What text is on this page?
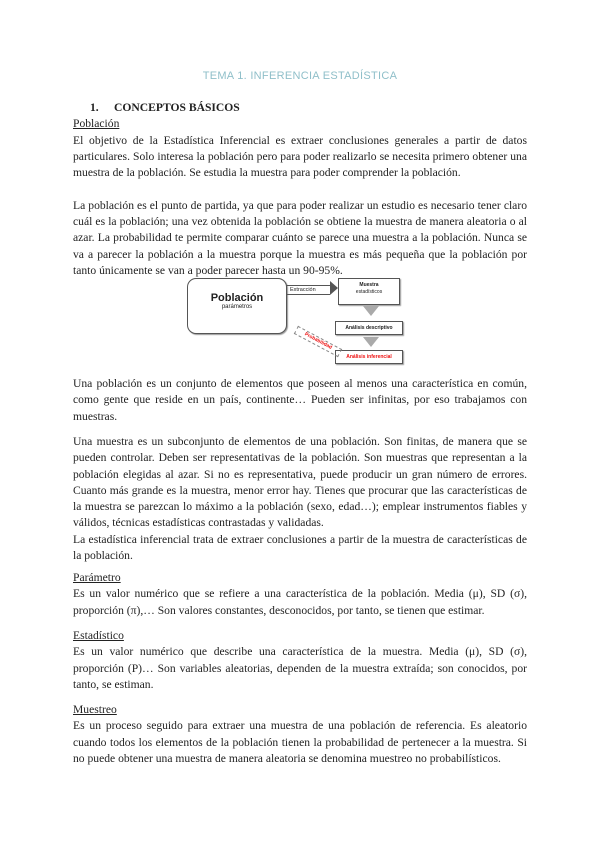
TEMA 1. INFERENCIA ESTADÍSTICA
1. CONCEPTOS BÁSICOS
Población
El objetivo de la Estadística Inferencial es extraer conclusiones generales a partir de datos particulares. Solo interesa la población pero para poder realizarlo se necesita primero obtener una muestra de la población. Se estudia la muestra para poder comprender la población.
La población es el punto de partida, ya que para poder realizar un estudio es necesario tener claro cuál es la población; una vez obtenida la población se obtiene la muestra de manera aleatoria o al azar. La probabilidad te permite comparar cuánto se parece una muestra a la población. Nunca se va a parecer la población a la muestra porque la muestra es más pequeña que la población por tanto únicamente se van a poder parecer hasta un 90-95%.
Población
parámetros
Extracción
Muestra
estadísticos
Análisis descriptivo
Análisis inferencial
Probabilidad
Una población es un conjunto de elementos que poseen al menos una característica en común, como gente que reside en un país, continente… Pueden ser infinitas, por eso trabajamos con muestras.
Una muestra es un subconjunto de elementos de una población. Son finitas, de manera que se pueden controlar. Deben ser representativas de la población. Son muestras que representan a la población elegidas al azar. Si no es representativa, puede producir un gran número de errores. Cuanto más grande es la muestra, menor error hay. Tienes que procurar que las características de la muestra se parezcan lo máximo a la población (sexo, edad…); emplear instrumentos fiables y válidos, técnicas estadísticas contrastadas y validadas.
La estadística inferencial trata de extraer conclusiones a partir de la muestra de características de la población.
Parámetro
Es un valor numérico que se refiere a una característica de la población. Media (μ), SD (σ), proporción (π),… Son valores constantes, desconocidos, por tanto, se tienen que estimar.
Estadístico
Es un valor numérico que describe una característica de la muestra. Media (μ), SD (σ), proporción (P)… Son variables aleatorias, dependen de la muestra extraída; son conocidos, por tanto, se estiman.
Muestreo
Es un proceso seguido para extraer una muestra de una población de referencia. Es aleatorio cuando todos los elementos de la población tienen la probabilidad de pertenecer a la muestra. Si no puede obtener una muestra de manera aleatoria se denomina muestreo no probabilísticos.
